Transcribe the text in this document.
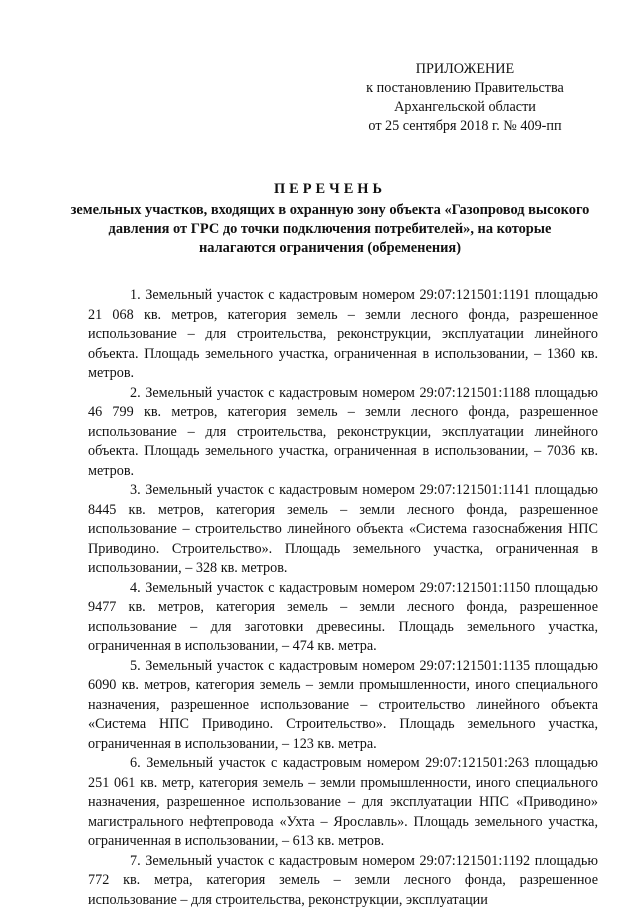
ПРИЛОЖЕНИЕ
к постановлению Правительства
Архангельской области
от 25 сентября 2018 г. № 409-пп
ПЕРЕЧЕНЬ
земельных участков, входящих в охранную зону объекта «Газопровод высокого давления от ГРС до точки подключения потребителей», на которые налагаются ограничения (обременения)

1. Земельный участок с кадастровым номером 29:07:121501:1191 площадью 21 068 кв. метров, категория земель – земли лесного фонда, разрешенное использование – для строительства, реконструкции, эксплуатации линейного объекта. Площадь земельного участка, ограниченная в использовании, – 1360 кв. метров.

2. Земельный участок с кадастровым номером 29:07:121501:1188 площадью 46 799 кв. метров, категория земель – земли лесного фонда, разрешенное использование – для строительства, реконструкции, эксплуатации линейного объекта. Площадь земельного участка, ограниченная в использовании, – 7036 кв. метров.

3. Земельный участок с кадастровым номером 29:07:121501:1141 площадью 8445 кв. метров, категория земель – земли лесного фонда, разрешенное использование – строительство линейного объекта «Система газоснабжения НПС Приводино. Строительство». Площадь земельного участка, ограниченная в использовании, – 328 кв. метров.

4. Земельный участок с кадастровым номером 29:07:121501:1150 площадью 9477 кв. метров, категория земель – земли лесного фонда, разрешенное использование – для заготовки древесины. Площадь земельного участка, ограниченная в использовании, – 474 кв. метра.

5. Земельный участок с кадастровым номером 29:07:121501:1135 площадью 6090 кв. метров, категория земель – земли промышленности, иного специального назначения, разрешенное использование – строительство линейного объекта «Система НПС Приводино. Строительство». Площадь земельного участка, ограниченная в использовании, – 123 кв. метра.

6. Земельный участок с кадастровым номером 29:07:121501:263 площадью 251 061 кв. метр, категория земель – земли промышленности, иного специального назначения, разрешенное использование – для эксплуатации НПС «Приводино» магистрального нефтепровода «Ухта – Ярославль». Площадь земельного участка, ограниченная в использовании, – 613 кв. метров.

7. Земельный участок с кадастровым номером 29:07:121501:1192 площадью 772 кв. метра, категория земель – земли лесного фонда, разрешенное использование – для строительства, реконструкции, эксплуатации
